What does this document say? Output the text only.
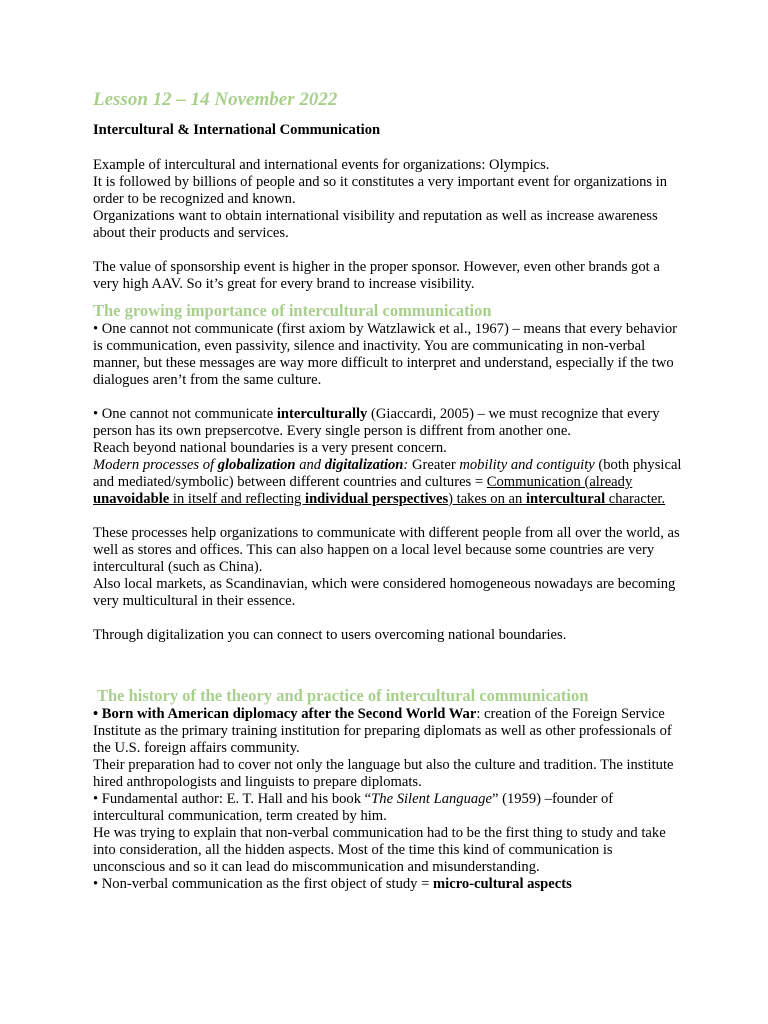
Lesson 12 – 14 November 2022
Intercultural & International Communication

Example of intercultural and international events for organizations: Olympics.

It is followed by billions of people and so it constitutes a very important event for organizations in order to be recognized and known.

Organizations want to obtain international visibility and reputation as well as increase awareness about their products and services.

The value of sponsorship event is higher in the proper sponsor. However, even other brands got a very high AAV. So it’s great for every brand to increase visibility.

The growing importance of intercultural communication

• One cannot not communicate (first axiom by Watzlawick et al., 1967) – means that every behavior is communication, even passivity, silence and inactivity. You are communicating in non-verbal manner, but these messages are way more difficult to interpret and understand, especially if the two dialogues aren’t from the same culture.

• One cannot not communicate interculturally (Giaccardi, 2005) – we must recognize that every person has its own prepsercotve. Every single person is diffrent from another one.

Reach beyond national boundaries is a very present concern.

Modern processes of globalization and digitalization: Greater mobility and contiguity (both physical and mediated/symbolic) between different countries and cultures = Communication (already unavoidable in itself and reflecting individual perspectives) takes on an intercultural character.

These processes help organizations to communicate with different people from all over the world, as well as stores and offices. This can also happen on a local level because some countries are very intercultural (such as China).

Also local markets, as Scandinavian, which were considered homogeneous nowadays are becoming very multicultural in their essence.

Through digitalization you can connect to users overcoming national boundaries.

The history of the theory and practice of intercultural communication

• Born with American diplomacy after the Second World War: creation of the Foreign Service Institute as the primary training institution for preparing diplomats as well as other professionals of the U.S. foreign affairs community.

Their preparation had to cover not only the language but also the culture and tradition. The institute hired anthropologists and linguists to prepare diplomats.

• Fundamental author: E. T. Hall and his book “The Silent Language” (1959) –founder of intercultural communication, term created by him.

He was trying to explain that non-verbal communication had to be the first thing to study and take into consideration, all the hidden aspects. Most of the time this kind of communication is unconscious and so it can lead do miscommunication and misunderstanding.

• Non-verbal communication as the first object of study = micro-cultural aspects
